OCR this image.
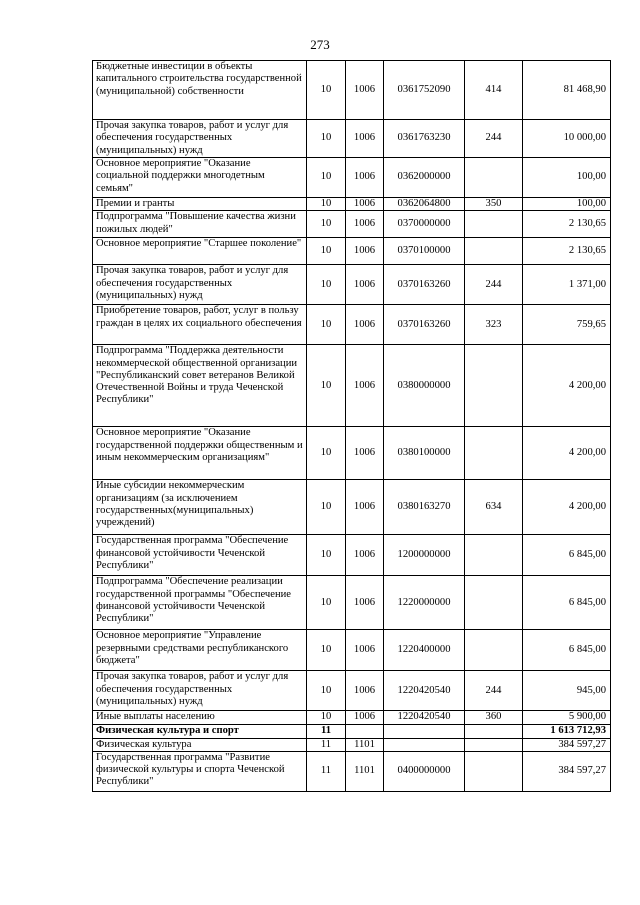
273
Бюджетные инвестиции в объекты капитального строительства государственной (муниципальной) собственности	10	1006	0361752090	414	81 468,90
Прочая закупка товаров, работ и услуг для обеспечения государственных (муниципальных) нужд	10	1006	0361763230	244	10 000,00
Основное мероприятие "Оказание социальной поддержки многодетным семьям"	10	1006	0362000000		100,00
Премии и гранты	10	1006	0362064800	350	100,00
Подпрограмма "Повышение качества жизни пожилых людей"	10	1006	0370000000		2 130,65
Основное мероприятие "Старшее поколение"	10	1006	0370100000		2 130,65
Прочая закупка товаров, работ и услуг для обеспечения государственных (муниципальных) нужд	10	1006	0370163260	244	1 371,00
Приобретение товаров, работ, услуг в пользу граждан в целях их социального обеспечения	10	1006	0370163260	323	759,65
Подпрограмма "Поддержка деятельности некоммерческой общественной организации "Республиканский совет ветеранов Великой Отечественной Войны и труда Чеченской Республики"	10	1006	0380000000		4 200,00
Основное мероприятие "Оказание государственной поддержки общественным и иным некоммерческим организациям"	10	1006	0380100000		4 200,00
Иные субсидии некоммерческим организациям (за исключением государственных(муниципальных) учреждений)	10	1006	0380163270	634	4 200,00
Государственная программа "Обеспечение финансовой устойчивости Чеченской Республики"	10	1006	1200000000		6 845,00
Подпрограмма "Обеспечение реализации государственной программы "Обеспечение финансовой устойчивости Чеченской Республики"	10	1006	1220000000		6 845,00
Основное мероприятие "Управление резервными средствами республиканского бюджета"	10	1006	1220400000		6 845,00
Прочая закупка товаров, работ и услуг для обеспечения государственных (муниципальных) нужд	10	1006	1220420540	244	945,00
Иные выплаты населению	10	1006	1220420540	360	5 900,00
Физическая культура и спорт	11				1 613 712,93
Физическая культура	11	1101			384 597,27
Государственная программа "Развитие физической культуры и спорта Чеченской Республики"	11	1101	0400000000		384 597,27
